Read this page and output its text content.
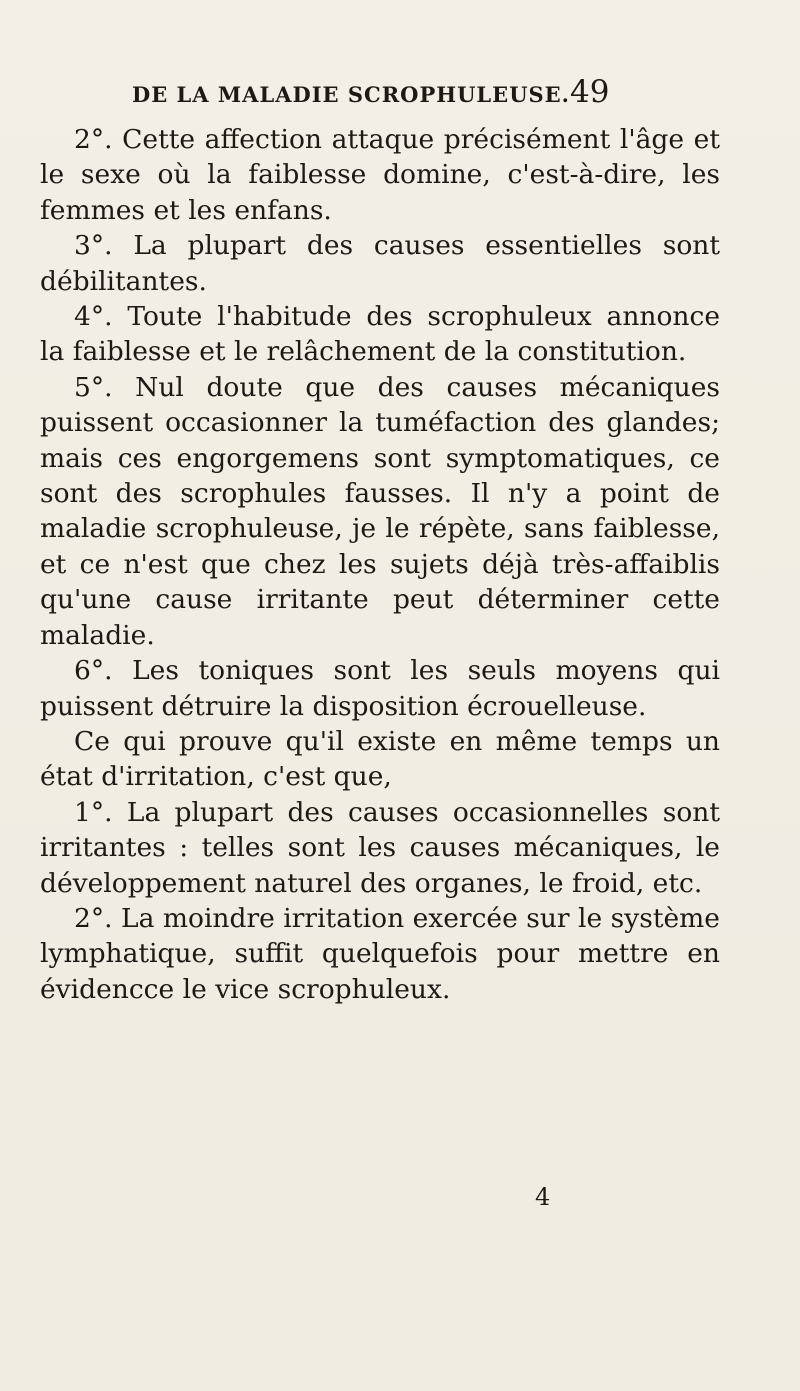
DE LA MALADIE SCROPHULEUSE. 49

2°. Cette affection attaque précisément l'âge et le sexe où la faiblesse domine, c'est-à-dire, les femmes et les enfans.

3°. La plupart des causes essentielles sont débilitantes.

4°. Toute l'habitude des scrophuleux annonce la faiblesse et le relâchement de la constitution.

5°. Nul doute que des causes mécaniques puissent occasionner la tuméfaction des glandes; mais ces engorgemens sont symptomatiques, ce sont des scrophules fausses. Il n'y a point de maladie scrophuleuse, je le répète, sans faiblesse, et ce n'est que chez les sujets déjà très-affaiblis qu'une cause irritante peut déterminer cette maladie.

6°. Les toniques sont les seuls moyens qui puissent détruire la disposition écrouelleuse.

Ce qui prouve qu'il existe en même temps un état d'irritation, c'est que,

1°. La plupart des causes occasionnelles sont irritantes : telles sont les causes mécaniques, le développement naturel des organes, le froid, etc.

2°. La moindre irritation exercée sur le système lymphatique, suffit quelquefois pour mettre en évidencce le vice scrophuleux.

4
